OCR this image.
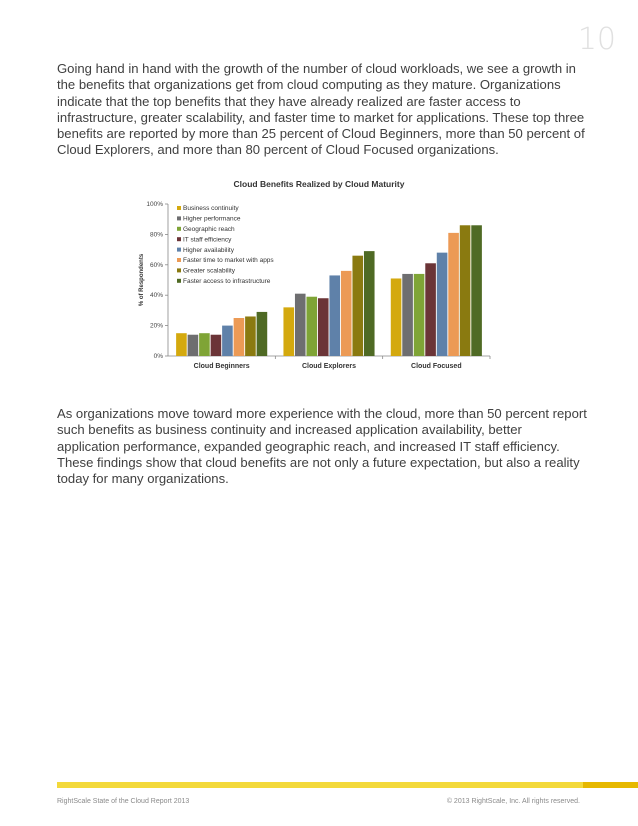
10

Going hand in hand with the growth of the number of cloud workloads, we see a growth in the benefits that organizations get from cloud computing as they mature. Organizations indicate that the top benefits that they have already realized are faster access to infrastructure, greater scalability, and faster time to market for applications. These top three benefits are reported by more than 25 percent of Cloud Beginners, more than 50 percent of Cloud Explorers, and more than 80 percent of Cloud Focused organizations.

Cloud Benefits Realized by Cloud Maturity
% of Respondents
0%
20%
40%
60%
80%
100%
Cloud Beginners	Cloud Explorers	Cloud Focused
Business continuity
Higher performance
Geographic reach
IT staff efficiency
Higher availability
Faster time to market with apps
Greater scalability
Faster access to infrastructure

As organizations move toward more experience with the cloud, more than 50 percent report such benefits as business continuity and increased application availability, better application performance, expanded geographic reach, and increased IT staff efficiency. These findings show that cloud benefits are not only a future expectation, but also a reality today for many organizations.

RightScale State of the Cloud Report 2013	© 2013 RightScale, Inc. All rights reserved.
